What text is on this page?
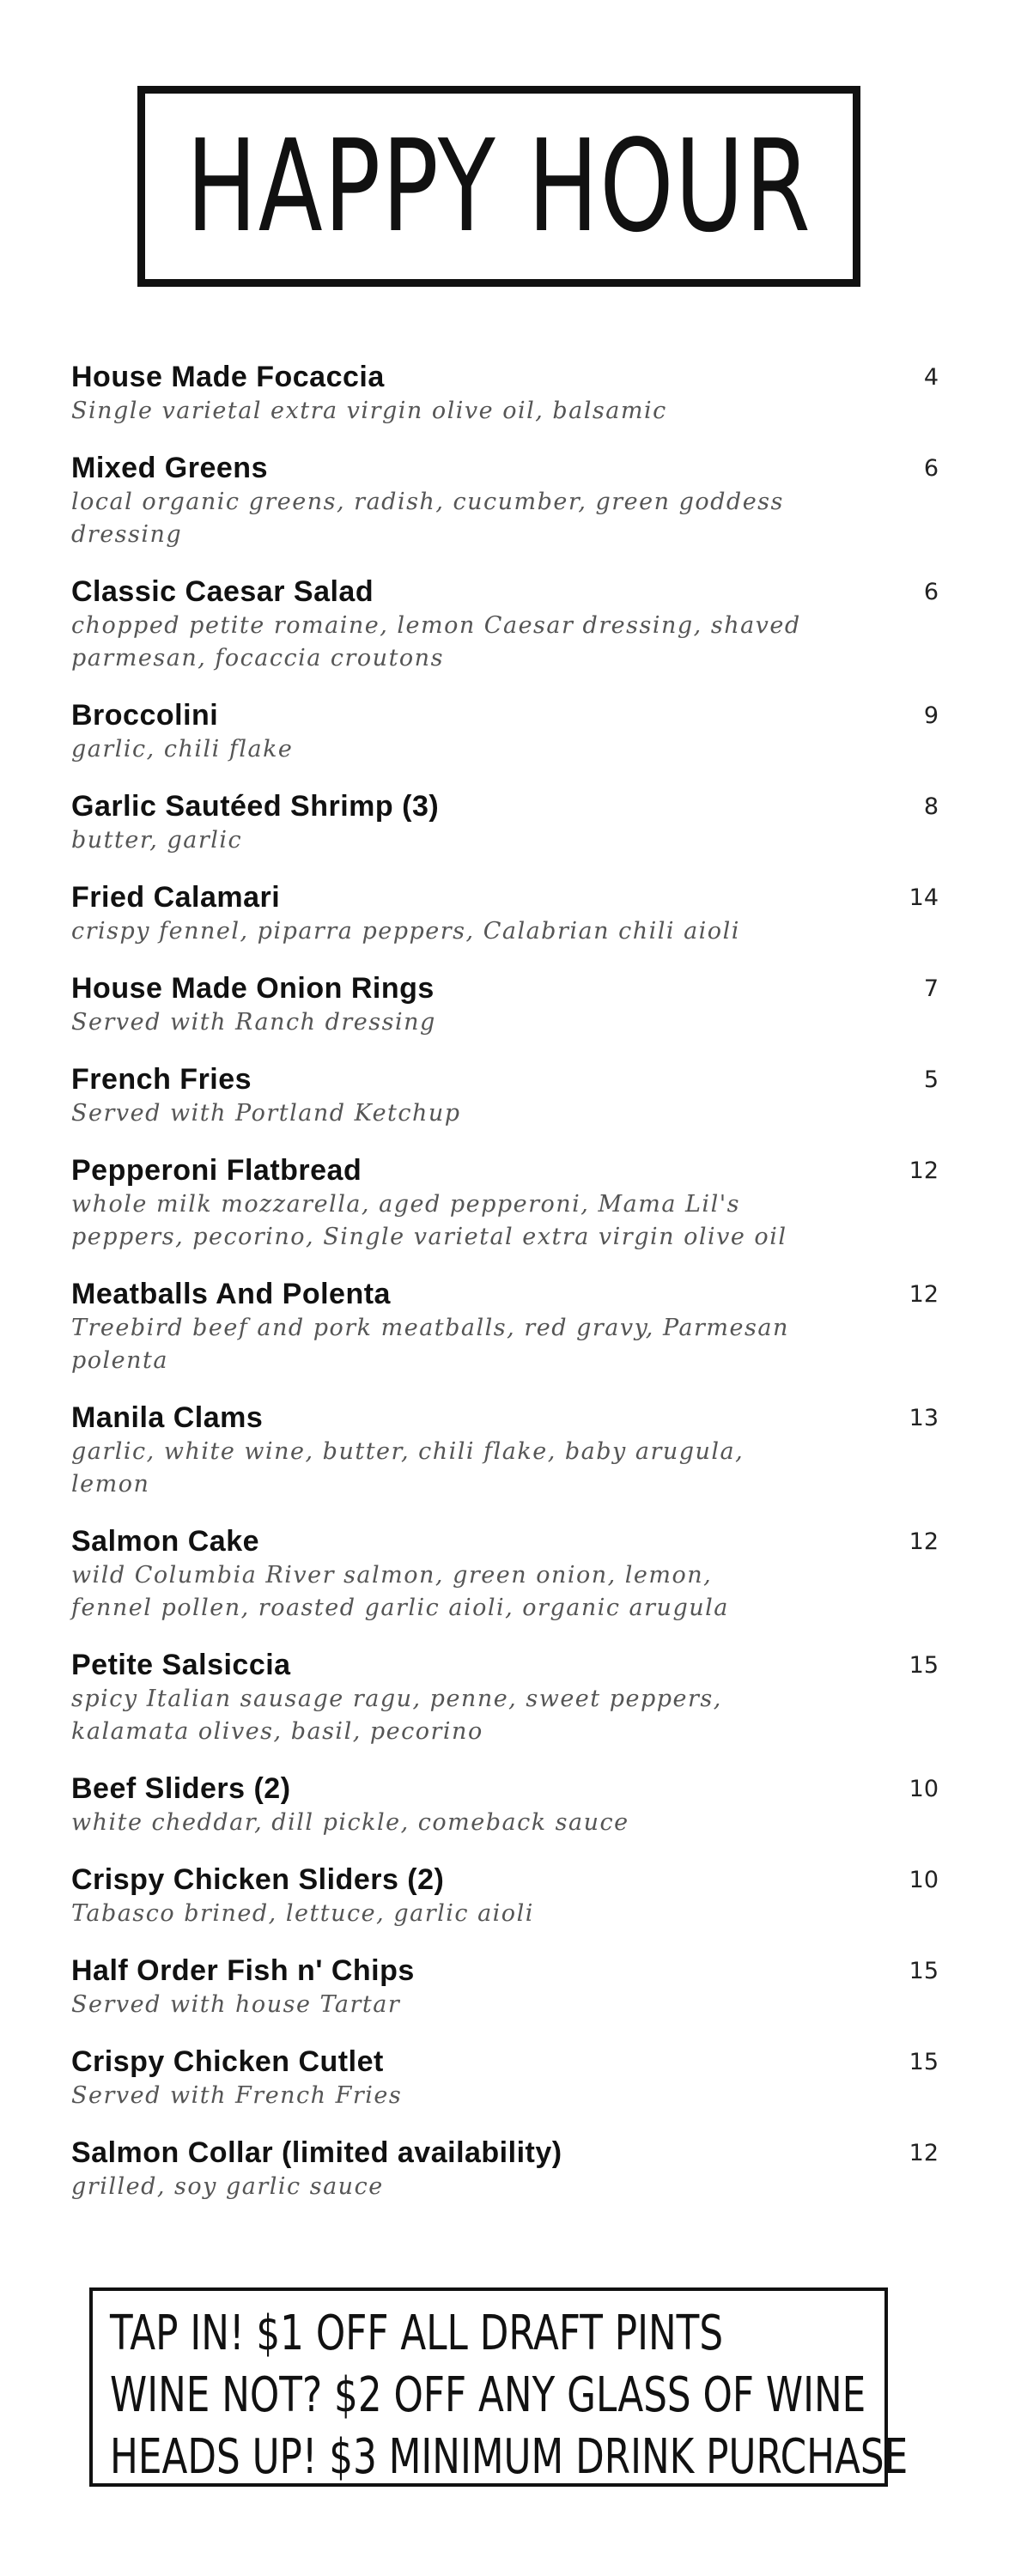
HAPPY HOUR
House Made Focaccia
Single varietal extra virgin olive oil, balsamic
4
Mixed Greens
local organic greens, radish, cucumber, green goddess dressing
6
Classic Caesar Salad
chopped petite romaine, lemon Caesar dressing, shaved parmesan, focaccia croutons
6
Broccolini
garlic, chili flake
9
Garlic Sautéed Shrimp (3)
butter, garlic
8
Fried Calamari
crispy fennel, piparra peppers, Calabrian chili aioli
14
House Made Onion Rings
Served with Ranch dressing
7
French Fries
Served with Portland Ketchup
5
Pepperoni Flatbread
whole milk mozzarella, aged pepperoni, Mama Lil's peppers, pecorino, Single varietal extra virgin olive oil
12
Meatballs And Polenta
Treebird beef and pork meatballs, red gravy, Parmesan polenta
12
Manila Clams
garlic, white wine, butter, chili flake, baby arugula, lemon
13
Salmon Cake
wild Columbia River salmon, green onion, lemon, fennel pollen, roasted garlic aioli, organic arugula
12
Petite Salsiccia
spicy Italian sausage ragu, penne, sweet peppers, kalamata olives, basil, pecorino
15
Beef Sliders (2)
white cheddar, dill pickle, comeback sauce
10
Crispy Chicken Sliders (2)
Tabasco brined, lettuce, garlic aioli
10
Half Order Fish n' Chips
Served with house Tartar
15
Crispy Chicken Cutlet
Served with French Fries
15
Salmon Collar (limited availability)
grilled, soy garlic sauce
12
TAP IN! $1 OFF ALL DRAFT PINTS
WINE NOT? $2 OFF ANY GLASS OF WINE
HEADS UP! $3 MINIMUM DRINK PURCHASE
